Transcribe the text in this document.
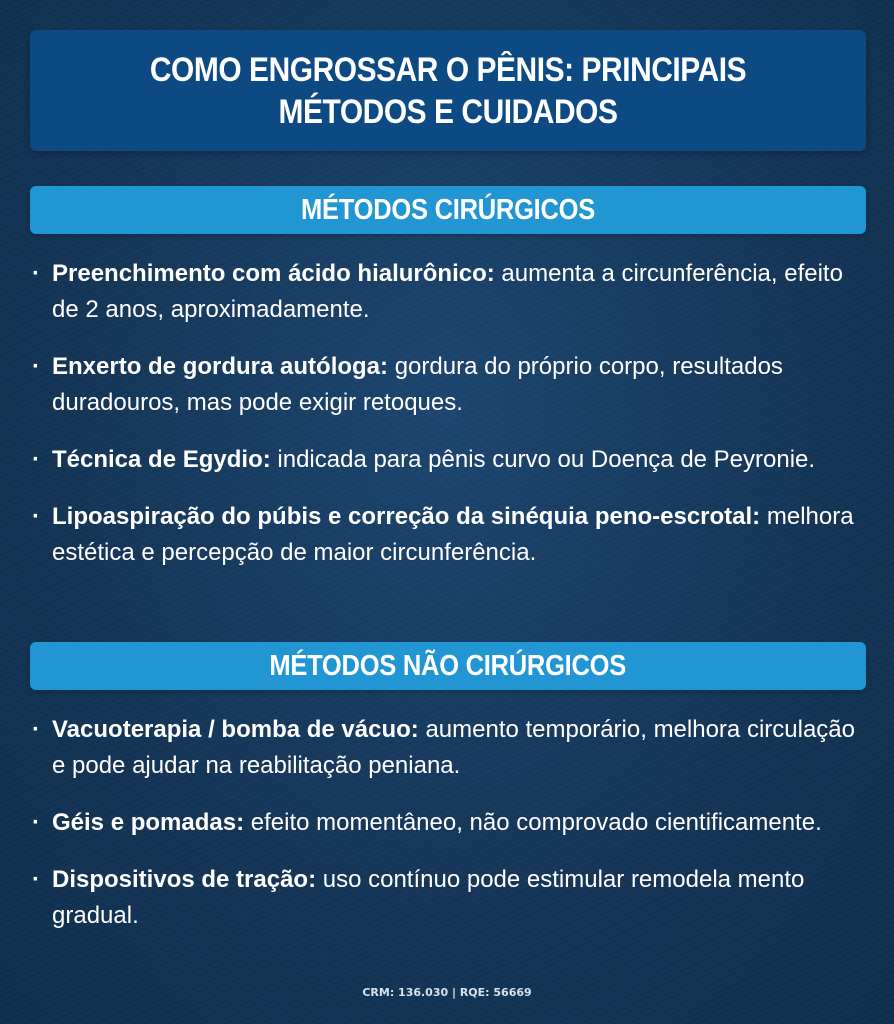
COMO ENGROSSAR O PÊNIS: PRINCIPAIS MÉTODOS E CUIDADOS
MÉTODOS CIRÚRGICOS
· Preenchimento com ácido hialurônico: aumenta a circunferência, efeito de 2 anos, aproximadamente.
· Enxerto de gordura autóloga: gordura do próprio corpo, resultados duradouros, mas pode exigir retoques.
· Técnica de Egydio: indicada para pênis curvo ou Doença de Peyronie.
· Lipoaspiração do púbis e correção da sinéquia peno-escrotal: melhora estética e percepção de maior circunferência.
MÉTODOS NÃO CIRÚRGICOS
· Vacuoterapia / bomba de vácuo: aumento temporário, melhora circulação e pode ajudar na reabilitação peniana.
· Géis e pomadas: efeito momentâneo, não comprovado cientificamente.
· Dispositivos de tração: uso contínuo pode estimular remodela mento gradual.
CRM: 136.030 | RQE: 56669
